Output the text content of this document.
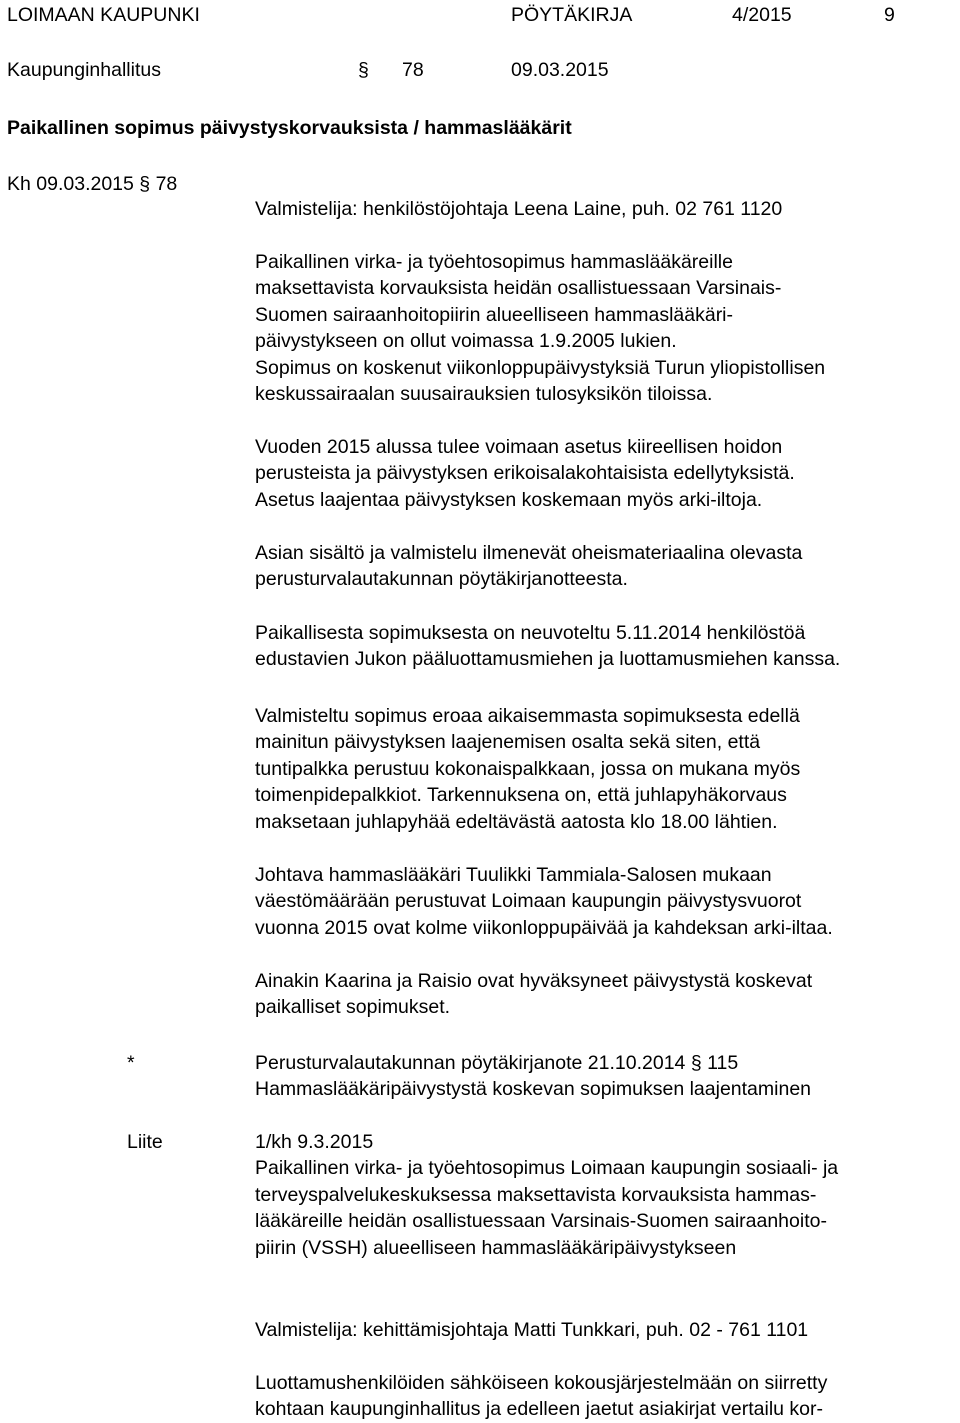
LOIMAAN KAUPUNKI	PÖYTÄKIRJA	4/2015	9
Kaupunginhallitus	§ 78	09.03.2015
Paikallinen sopimus päivystyskorvauksista / hammaslääkärit
Kh 09.03.2015 § 78
Valmistelija: henkilöstöjohtaja Leena Laine, puh. 02 761 1120
Paikallinen virka- ja työehtosopimus hammaslääkäreille
maksettavista korvauksista heidän osallistuessaan Varsinais-
Suomen sairaanhoitopiirin alueelliseen hammaslääkäri-
päivystykseen on ollut voimassa 1.9.2005 lukien.
Sopimus on koskenut viikonloppupäivystyksiä Turun yliopistollisen
keskussairaalan suusairauksien tulosyksikön tiloissa.
Vuoden 2015 alussa tulee voimaan asetus kiireellisen hoidon
perusteista ja päivystyksen erikoisalakohtaisista edellytyksistä.
Asetus laajentaa päivystyksen koskemaan myös arki-iltoja.
Asian sisältö ja valmistelu ilmenevät oheismateriaalina olevasta
perusturvalautakunnan pöytäkirjanotteesta.
Paikallisesta sopimuksesta on neuvoteltu 5.11.2014 henkilöstöä
edustavien Jukon pääluottamusmiehen ja luottamusmiehen kanssa.
Valmisteltu sopimus eroaa aikaisemmasta sopimuksesta edellä
mainitun päivystyksen laajenemisen osalta sekä siten, että
tuntipalkka perustuu kokonaispalkkaan, jossa on mukana myös
toimenpidepalkkiot. Tarkennuksena on, että juhlapyhäkorvaus
maksetaan juhlapyhää edeltävästä aatosta klo 18.00 lähtien.
Johtava hammaslääkäri Tuulikki Tammiala-Salosen mukaan
väestömäärään perustuvat Loimaan kaupungin päivystysvuorot
vuonna 2015 ovat kolme viikonloppupäivää ja kahdeksan arki-iltaa.
Ainakin Kaarina ja Raisio ovat hyväksyneet päivystystä koskevat
paikalliset sopimukset.
*	Perusturvalautakunnan pöytäkirjanote 21.10.2014 § 115
Hammaslääkäripäivystystä koskevan sopimuksen laajentaminen
Liite	1/kh 9.3.2015
Paikallinen virka- ja työehtosopimus Loimaan kaupungin sosiaali- ja
terveyspalvelukeskuksessa maksettavista korvauksista hammas-
lääkäreille heidän osallistuessaan Varsinais-Suomen sairaanhoito-
piirin (VSSH) alueelliseen hammaslääkäripäivystykseen
Valmistelija: kehittämisjohtaja Matti Tunkkari, puh. 02 - 761 1101
Luottamushenkilöiden sähköiseen kokousjärjestelmään on siirretty
kohtaan kaupunginhallitus ja edelleen jaetut asiakirjat vertailu kor-
